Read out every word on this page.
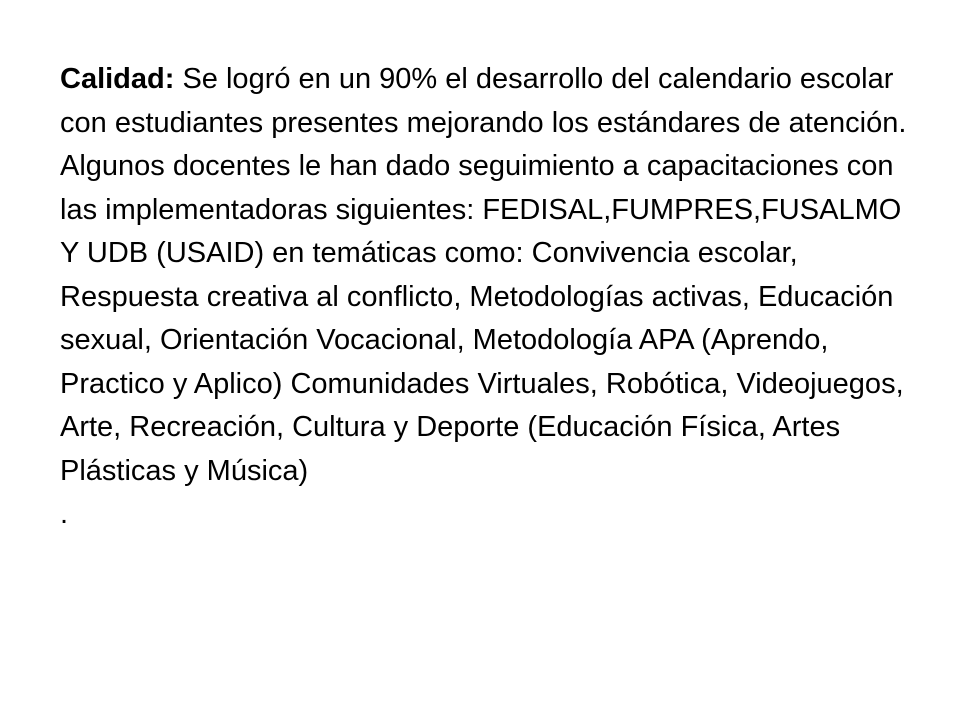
Calidad: Se logró en un 90% el desarrollo del calendario escolar con estudiantes presentes mejorando los estándares de atención.

Algunos docentes le han dado seguimiento a capacitaciones con las implementadoras siguientes: FEDISAL,FUMPRES,FUSALMO Y UDB (USAID) en temáticas como: Convivencia escolar, Respuesta creativa al conflicto, Metodologías activas, Educación sexual, Orientación Vocacional, Metodología APA (Aprendo, Practico y Aplico) Comunidades Virtuales, Robótica, Videojuegos, Arte, Recreación, Cultura y Deporte (Educación Física, Artes Plásticas y Música)

.
